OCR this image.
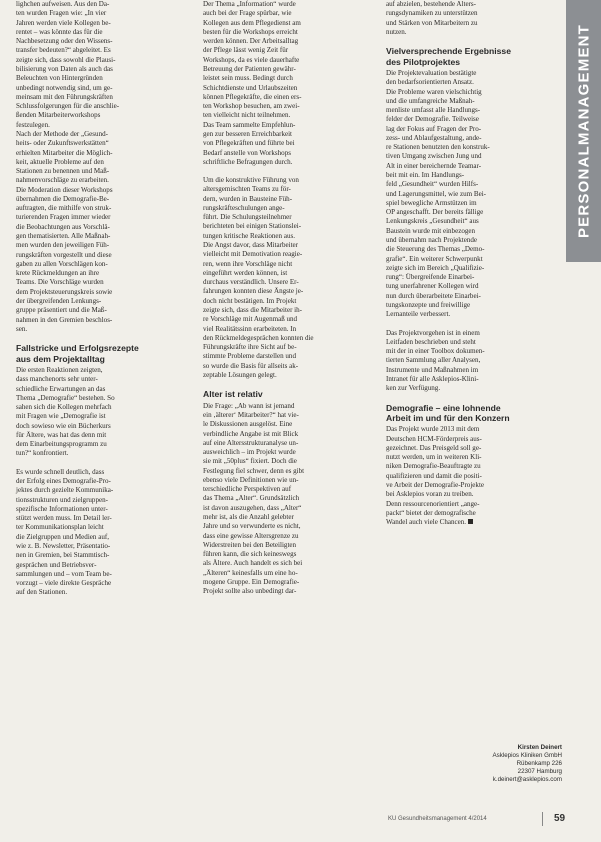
lighchen aufweisen. Aus den Da-
ten wurden Fragen wie: „In vier
Jahren werden viele Kollegen be-
rentet – was könnte das für die
Nachbesetzung oder den Wissens-
transfer bedeuten?“ abgeleitet. Es
zeigte sich, dass sowohl die Plausi-
bilisierung von Daten als auch das
Beleuchten von Hintergründen
unbedingt notwendig sind, um ge-
meinsam mit den Führungskräften
Schlussfolgerungen für die anschlie-
ßenden Mitarbeiterworkshops
festzulegen.

Nach der Methode der „Gesund-
heits- oder Zukunftswerkstätten“
erhielten Mitarbeiter die Möglich-
keit, aktuelle Probleme auf den
Stationen zu benennen und Maß-
nahmenvorschläge zu erarbeiten.
Die Moderation dieser Workshops
übernahmen die Demografie-Be-
auftragten, die mithilfe von struk-
turierenden Fragen immer wieder
die Beobachtungen aus Vorschlä-
gen thematisierten. Alle Maßnah-
men wurden den jeweiligen Füh-
rungskräften vorgestellt und diese
gaben zu allen Vorschlägen kon-
krete Rückmeldungen an ihre
Teams. Die Vorschläge wurden
dem Projektsteuerungskreis sowie
der übergreifenden Lenkungs-
gruppe präsentiert und die Maß-
nahmen in den Gremien beschlos-
sen.

Fallstricke und Erfolgsrezepte
aus dem Projektalltag

Die ersten Reaktionen zeigten,
dass manchenorts sehr unter-
schiedliche Erwartungen an das
Thema „Demografie“ bestehen. So
sahen sich die Kollegen mehrfach
mit Fragen wie „Demografie ist
doch sowieso wie ein Bücherkurs
für Ältere, was hat das denn mit
dem Einarbeitungsprogramm zu
tun?“ konfrontiert.

Es wurde schnell deutlich, dass
der Erfolg eines Demografie-Pro-
jektes durch gezielte Kommunika-
tionsstrukturen und zielgruppen-
spezifische Informationen unter-
stützt werden muss. Im Detail ler-
ter Kommunikationsplan leicht
die Zielgruppen und Medien auf,
wie z. B. Newsletter, Präsentatio-
nen in Gremien, bei Stammtisch-
gesprächen und Betriebsver-
sammlungen und – vom Team be-
vorzugt – viele direkte Gespräche
auf den Stationen.

Der Thema „Information“ wurde
auch bei der Frage spürbar, wie
Kollegen aus dem Pflegedienst am
besten für die Workshops erreicht
werden können. Der Arbeitsalltag
der Pflege lässt wenig Zeit für
Workshops, da es viele dauerhafte
Betreuung der Patienten gewähr-
leistet sein muss. Bedingt durch
Schichtdienste und Urlaubszeiten
können Pflegekräfte, die einen ers-
ten Workshop besuchen, am zwei-
ten vielleicht nicht teilnehmen.
Das Team sammelte Empfehlun-
gen zur besseren Erreichbarkeit
von Pflegekräften und führte bei
Bedarf anstelle von Workshops
schriftliche Befragungen durch.

Um die konstruktive Führung von
altersgemischten Teams zu för-
dern, wurden in Bausteine Füh-
rungskräfteschulungen ange-
führt. Die Schulungsteilnehmer
berichteten bei einigen Stationslei-
tungen kritische Reaktionen aus.
Die Angst davor, dass Mitarbeiter
vielleicht mit Demotivation reagie-
ren, wenn ihre Vorschläge nicht
eingeführt werden können, ist
durchaus verständlich. Unsere Er-
fahrungen konnten diese Ängste je-
doch nicht bestätigen. Im Projekt
zeigte sich, dass die Mitarbeiter ih-
re Vorschläge mit Augenmaß und
viel Realitätssinn erarbeiteten. In
den Rückmeldegesprächen konnten die
Führungskräfte ihre Sicht auf be-
stimmte Probleme darstellen und
so wurde die Basis für allseits ak-
zeptable Lösungen gelegt.

Alter ist relativ

Die Frage: „Ab wann ist jemand
ein ‚älterer‘ Mitarbeiter?“ hat vie-
le Diskussionen ausgelöst. Eine
verbindliche Angabe ist mit Blick
auf eine Altersstrukturanalyse un-
ausweichlich – im Projekt wurde
sie mit „50plus“ fixiert. Doch die
Festlegung fiel schwer, denn es gibt
ebenso viele Definitionen wie un-
terschiedliche Perspektiven auf
das Thema „Alter“. Grundsätzlich
ist davon auszugehen, dass „Alter“
mehr ist, als die Anzahl gelebter
Jahre und so verwunderte es nicht,
dass eine gewisse Altersgrenze zu
Widerstreiten bei den Beteiligten
führen kann, die sich keineswegs
als Ältere. Auch handelt es sich bei
„Älteren“ keinesfalls um eine ho-
mogene Gruppe. Ein Demografie-
Projekt sollte also unbedingt dar-

auf abzielen, bestehende Alters-
rungsdynamiken zu unterstützen
und Stärken von Mitarbeitern zu
nutzen.

Vielversprechende Ergebnisse
des Pilotprojektes

Die Projektevaluation bestätigte
den bedarfsorientierten Ansatz.
Die Probleme waren vielschichtig
und die umfangreiche Maßnah-
menliste umfasst alle Handlungs-
felder der Demografie. Teilweise
lag der Fokus auf Fragen der Pro-
zess- und Ablaufgestaltung, ande-
re Stationen benutzten den konstruk-
tiven Umgang zwischen Jung und
Alt in einer bereichernde Teamar-
beit mit ein. Im Handlungs-
feld „Gesundheit“ wurden Hilfs-
und Lagerungsmittel, wie zum Bei-
spiel bewegliche Armstützen im
OP angeschafft. Der bereits fällige
Lenkungskreis „Gesundheit“ aus
Baustein wurde mit einbezogen
und übernahm nach Projektende
die Steuerung des Themas „Demo-
grafie“. Ein weiterer Schwerpunkt
zeigte sich im Bereich „Qualifizie-
rung“: Übergreifende Einarbei-
tung unerfahrener Kollegen wird
nun durch überarbeitete Einarbei-
tungskonzepte und freiwillige
Lernanteile verbessert.

Das Projektvorgehen ist in einem
Leitfaden beschrieben und steht
mit der in einer Toolbox dokumen-
tierten Sammlung aller Analysen,
Instrumente und Maßnahmen im
Intranet für alle Asklepios-Klini-
ken zur Verfügung.

Demografie – eine lohnende
Arbeit im und für den Konzern

Das Projekt wurde 2013 mit dem
Deutschen HCM-Förderpreis aus-
gezeichnet. Das Preisgeld soll ge-
nutzt werden, um in weiteren Kli-
niken Demografie-Beauftragte zu
qualifizieren und damit die positi-
ve Arbeit der Demografie-Projekte
bei Asklepios voran zu treiben.
Denn ressourcenorientiert „ange-
packt“ bietet der demografische
Wandel auch viele Chancen.

PERSONALMANAGEMENT
Kirsten Deinert
Asklepios Kliniken GmbH
Rübenkamp 226
22307 Hamburg
k.deinert@asklepios.com
KU Gesundheitsmanagement 4/2014	59
